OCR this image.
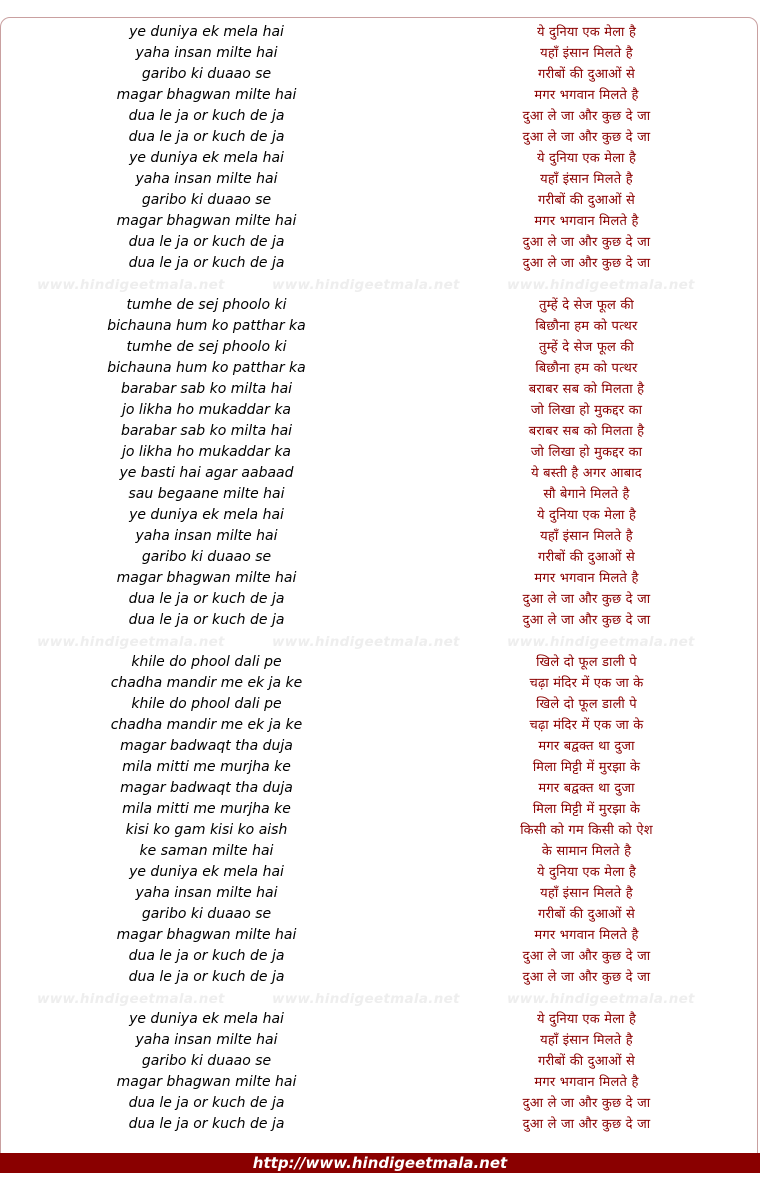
ye duniya ek mela hai	ये दुनिया एक मेला है
yaha insan milte hai	यहाँ इंसान मिलते है
garibo ki duaao se	गरीबों की दुआओं से
magar bhagwan milte hai	मगर भगवान मिलते है
dua le ja or kuch de ja	दुआ ले जा और कुछ दे जा
dua le ja or kuch de ja	दुआ ले जा और कुछ दे जा
ye duniya ek mela hai	ये दुनिया एक मेला है
yaha insan milte hai	यहाँ इंसान मिलते है
garibo ki duaao se	गरीबों की दुआओं से
magar bhagwan milte hai	मगर भगवान मिलते है
dua le ja or kuch de ja	दुआ ले जा और कुछ दे जा
dua le ja or kuch de ja	दुआ ले जा और कुछ दे जा
www.hindigeetmala.net	www.hindigeetmala.net	www.hindigeetmala.net
tumhe de sej phoolo ki	तुम्हें दे सेज फूल की
bichauna hum ko patthar ka	बिछौना हम को पत्थर
tumhe de sej phoolo ki	तुम्हें दे सेज फूल की
bichauna hum ko patthar ka	बिछौना हम को पत्थर
barabar sab ko milta hai	बराबर सब को मिलता है
jo likha ho mukaddar ka	जो लिखा हो मुकद्दर का
barabar sab ko milta hai	बराबर सब को मिलता है
jo likha ho mukaddar ka	जो लिखा हो मुकद्दर का
ye basti hai agar aabaad	ये बस्ती है अगर आबाद
sau begaane milte hai	सौ बेगाने मिलते है
ye duniya ek mela hai	ये दुनिया एक मेला है
yaha insan milte hai	यहाँ इंसान मिलते है
garibo ki duaao se	गरीबों की दुआओं से
magar bhagwan milte hai	मगर भगवान मिलते है
dua le ja or kuch de ja	दुआ ले जा और कुछ दे जा
dua le ja or kuch de ja	दुआ ले जा और कुछ दे जा
www.hindigeetmala.net	www.hindigeetmala.net	www.hindigeetmala.net
khile do phool dali pe	खिले दो फूल डाली पे
chadha mandir me ek ja ke	चढ़ा मंदिर में एक जा के
khile do phool dali pe	खिले दो फूल डाली पे
chadha mandir me ek ja ke	चढ़ा मंदिर में एक जा के
magar badwaqt tha duja	मगर बद्वक्त था दुजा
mila mitti me murjha ke	मिला मिट्टी में मुरझा के
magar badwaqt tha duja	मगर बद्वक्त था दुजा
mila mitti me murjha ke	मिला मिट्टी में मुरझा के
kisi ko gam kisi ko aish	किसी को गम किसी को ऐश
ke saman milte hai	के सामान मिलते है
ye duniya ek mela hai	ये दुनिया एक मेला है
yaha insan milte hai	यहाँ इंसान मिलते है
garibo ki duaao se	गरीबों की दुआओं से
magar bhagwan milte hai	मगर भगवान मिलते है
dua le ja or kuch de ja	दुआ ले जा और कुछ दे जा
dua le ja or kuch de ja	दुआ ले जा और कुछ दे जा
www.hindigeetmala.net	www.hindigeetmala.net	www.hindigeetmala.net
ye duniya ek mela hai	ये दुनिया एक मेला है
yaha insan milte hai	यहाँ इंसान मिलते है
garibo ki duaao se	गरीबों की दुआओं से
magar bhagwan milte hai	मगर भगवान मिलते है
dua le ja or kuch de ja	दुआ ले जा और कुछ दे जा
dua le ja or kuch de ja	दुआ ले जा और कुछ दे जा
http://www.hindigeetmala.net
